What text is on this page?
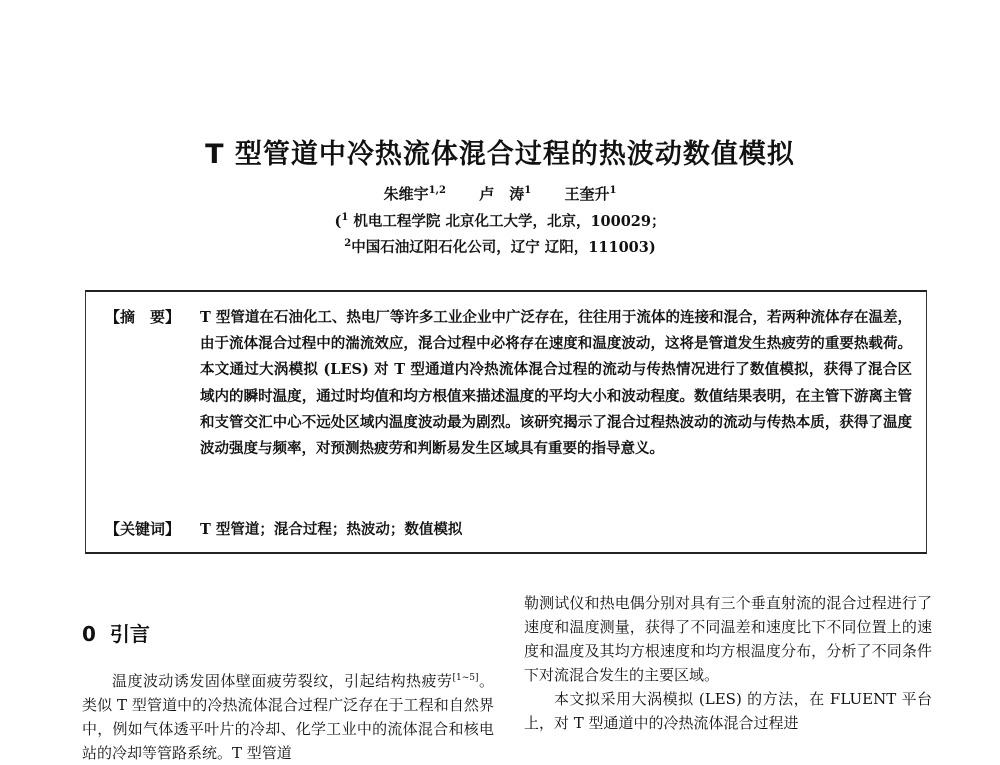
T 型管道中冷热流体混合过程的热波动数值模拟
朱维宇$^{1,2}$ 卢　涛$^1$ 王奎升$^1$
($^1$ 机电工程学院 北京化工大学，北京，100029；
$^2$中国石油辽阳石化公司，辽宁 辽阳，111003)
【摘　要】 T 型管道在石油化工、热电厂等许多工业企业中广泛存在，往往用于流体的连接和混合，若两种流体存在温差，由于流体混合过程中的湍流效应，混合过程中必将存在速度和温度波动，这将是管道发生热疲劳的重要热载荷。本文通过大涡模拟 (LES) 对 T 型通道内冷热流体混合过程的流动与传热情况进行了数值模拟，获得了混合区域内的瞬时温度，通过时均值和均方根值来描述温度的平均大小和波动程度。数值结果表明，在主管下游离主管和支管交汇中心不远处区域内温度波动最为剧烈。该研究揭示了混合过程热波动的流动与传热本质，获得了温度波动强度与频率，对预测热疲劳和判断易发生区域具有重要的指导意义。
【关键词】 T 型管道；混合过程；热波动；数值模拟
0 引言

温度波动诱发固体壁面疲劳裂纹，引起结构热疲劳[1~5]。类似 T 型管道中的冷热流体混合过程广泛存在于工程和自然界中，例如气体透平叶片的冷却、化学工业中的流体混合和核电站的冷却等管路系统。T 型管道

勒测试仪和热电偶分别对具有三个垂直射流的混合过程进行了速度和温度测量，获得了不同温差和速度比下不同位置上的速度和温度及其均方根速度和均方根温度分布，分析了不同条件下对流混合发生的主要区域。

本文拟采用大涡模拟 (LES) 的方法，在 FLUENT 平台上，对 T 型通道中的冷热流体混合过程进
